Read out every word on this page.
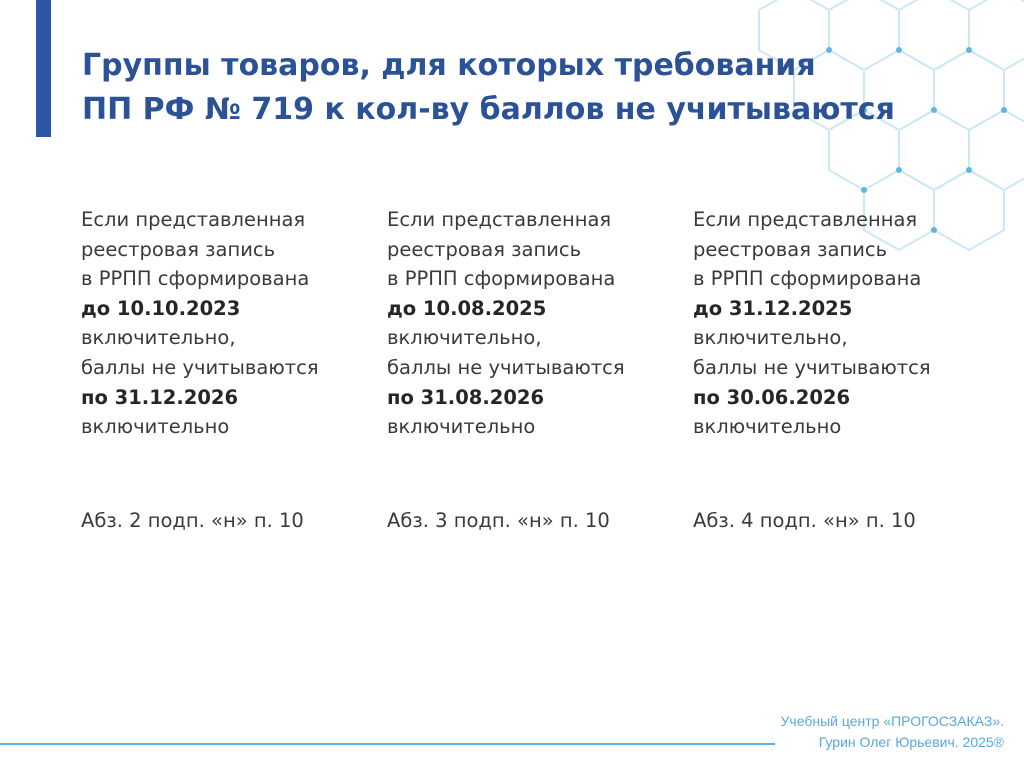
Группы товаров, для которых требования
ПП РФ № 719 к кол-ву баллов не учитываются
Если представленная
реестровая запись
в РРПП сформирована
до 10.10.2023
включительно,
баллы не учитываются
по 31.12.2026
включительно
Абз. 2 подп. «н» п. 10
Если представленная
реестровая запись
в РРПП сформирована
до 10.08.2025
включительно,
баллы не учитываются
по 31.08.2026
включительно
Абз. 3 подп. «н» п. 10
Если представленная
реестровая запись
в РРПП сформирована
до 31.12.2025
включительно,
баллы не учитываются
по 30.06.2026
включительно
Абз. 4 подп. «н» п. 10
Учебный центр «ПРОГОСЗАКАЗ».
Гурин Олег Юрьевич. 2025®
